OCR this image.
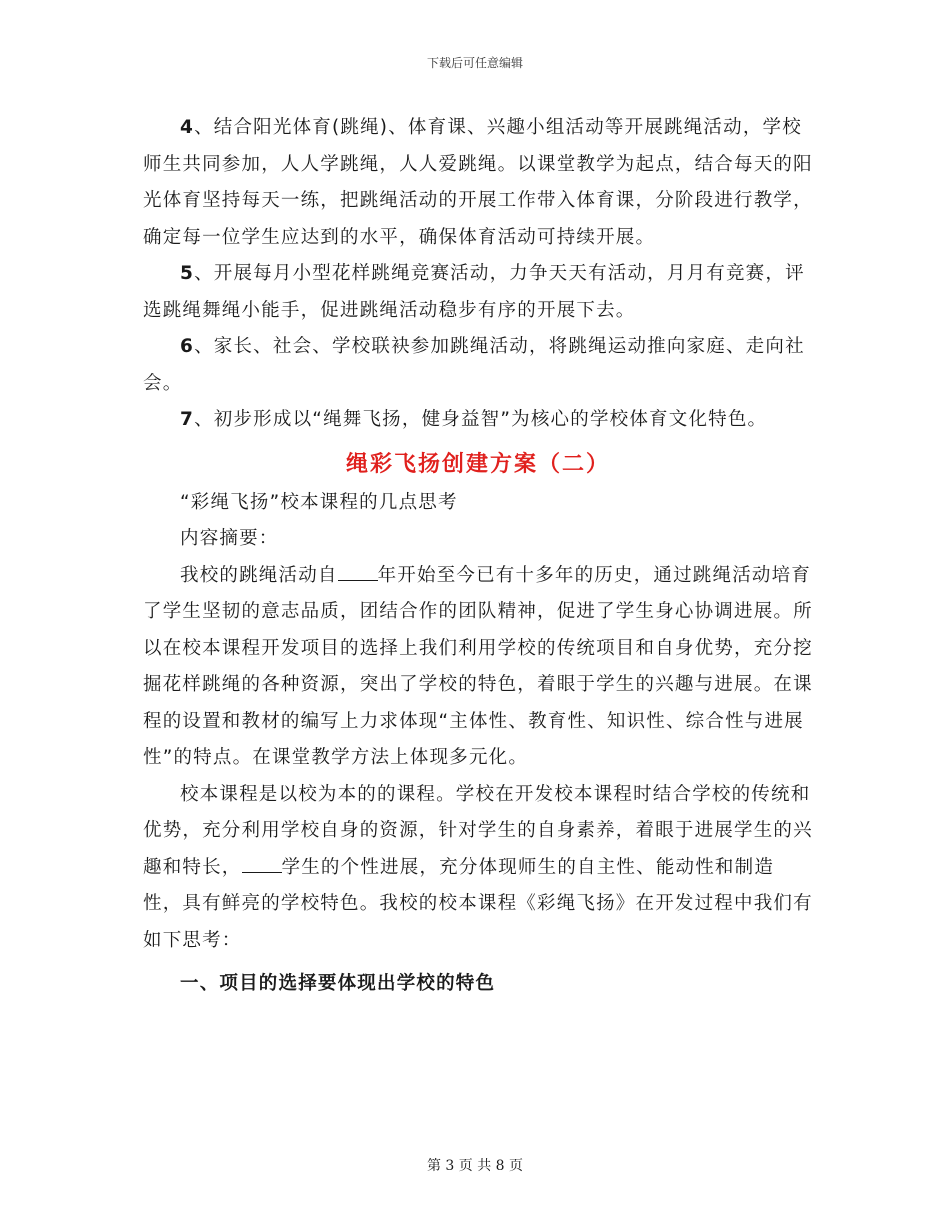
下载后可任意编辑

4、结合阳光体育(跳绳)、体育课、兴趣小组活动等开展跳绳活动，学校师生共同参加，人人学跳绳，人人爱跳绳。以课堂教学为起点，结合每天的阳光体育坚持每天一练，把跳绳活动的开展工作带入体育课，分阶段进行教学，确定每一位学生应达到的水平，确保体育活动可持续开展。

5、开展每月小型花样跳绳竞赛活动，力争天天有活动，月月有竞赛，评选跳绳舞绳小能手，促进跳绳活动稳步有序的开展下去。

6、家长、社会、学校联袂参加跳绳活动，将跳绳运动推向家庭、走向社会。

7、初步形成以“绳舞飞扬，健身益智”为核心的学校体育文化特色。

绳彩飞扬创建方案（二）

“彩绳飞扬”校本课程的几点思考

内容摘要：

我校的跳绳活动自 年开始至今已有十多年的历史，通过跳绳活动培育了学生坚韧的意志品质，团结合作的团队精神，促进了学生身心协调进展。所以在校本课程开发项目的选择上我们利用学校的传统项目和自身优势，充分挖掘花样跳绳的各种资源，突出了学校的特色，着眼于学生的兴趣与进展。在课程的设置和教材的编写上力求体现“主体性、教育性、知识性、综合性与进展性”的特点。在课堂教学方法上体现多元化。

校本课程是以校为本的的课程。学校在开发校本课程时结合学校的传统和优势，充分利用学校自身的资源，针对学生的自身素养，着眼于进展学生的兴趣和特长， 学生的个性进展，充分体现师生的自主性、能动性和制造性，具有鲜亮的学校特色。我校的校本课程《彩绳飞扬》在开发过程中我们有如下思考：

一、项目的选择要体现出学校的特色

第 3 页 共 8 页
